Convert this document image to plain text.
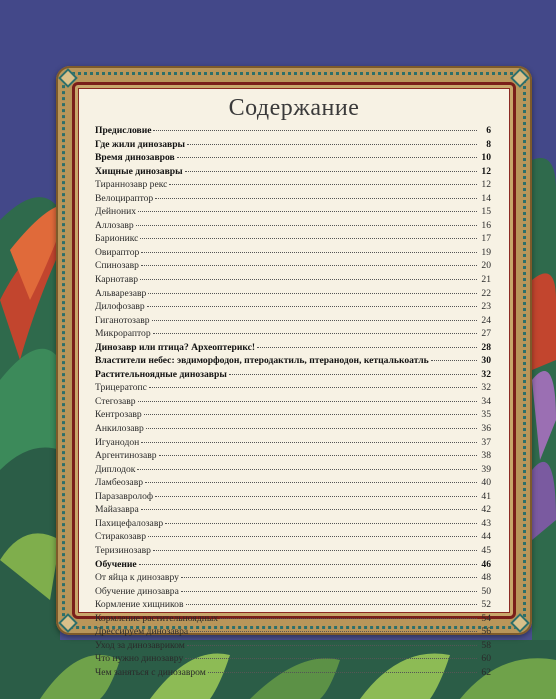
Содержание
Предисловие	6
Где жили динозавры	8
Время динозавров	10
Хищные динозавры	12
Тираннозавр рекс	12
Велоцираптор	14
Дейноних	15
Аллозавр	16
Барионикс	17
Овираптор	19
Спинозавр	20
Карнотавр	21
Альварезавр	22
Дилофозавр	23
Гиганотозавр	24
Микрораптор	27
Динозавр или птица? Археоптерикс!	28
Властители небес: эвдиморфодон, птеродактиль, птеранодон, кетцалькоатль	30
Растительноядные динозавры	32
Трицератопс	32
Стегозавр	34
Кентрозавр	35
Анкилозавр	36
Игуанодон	37
Аргентинозавр	38
Диплодок	39
Ламбеозавр	40
Паразавролоф	41
Майазавра	42
Пахицефалозавр	43
Стиракозавр	44
Теризинозавр	45
Обучение	46
От яйца к динозавру	48
Обучение динозавра	50
Кормление хищников	52
Кормление растительноядных	54
Дрессируем динозавра	56
Уход за динозавриком	58
Что нужно динозавру	60
Чем заняться с динозавром	62
